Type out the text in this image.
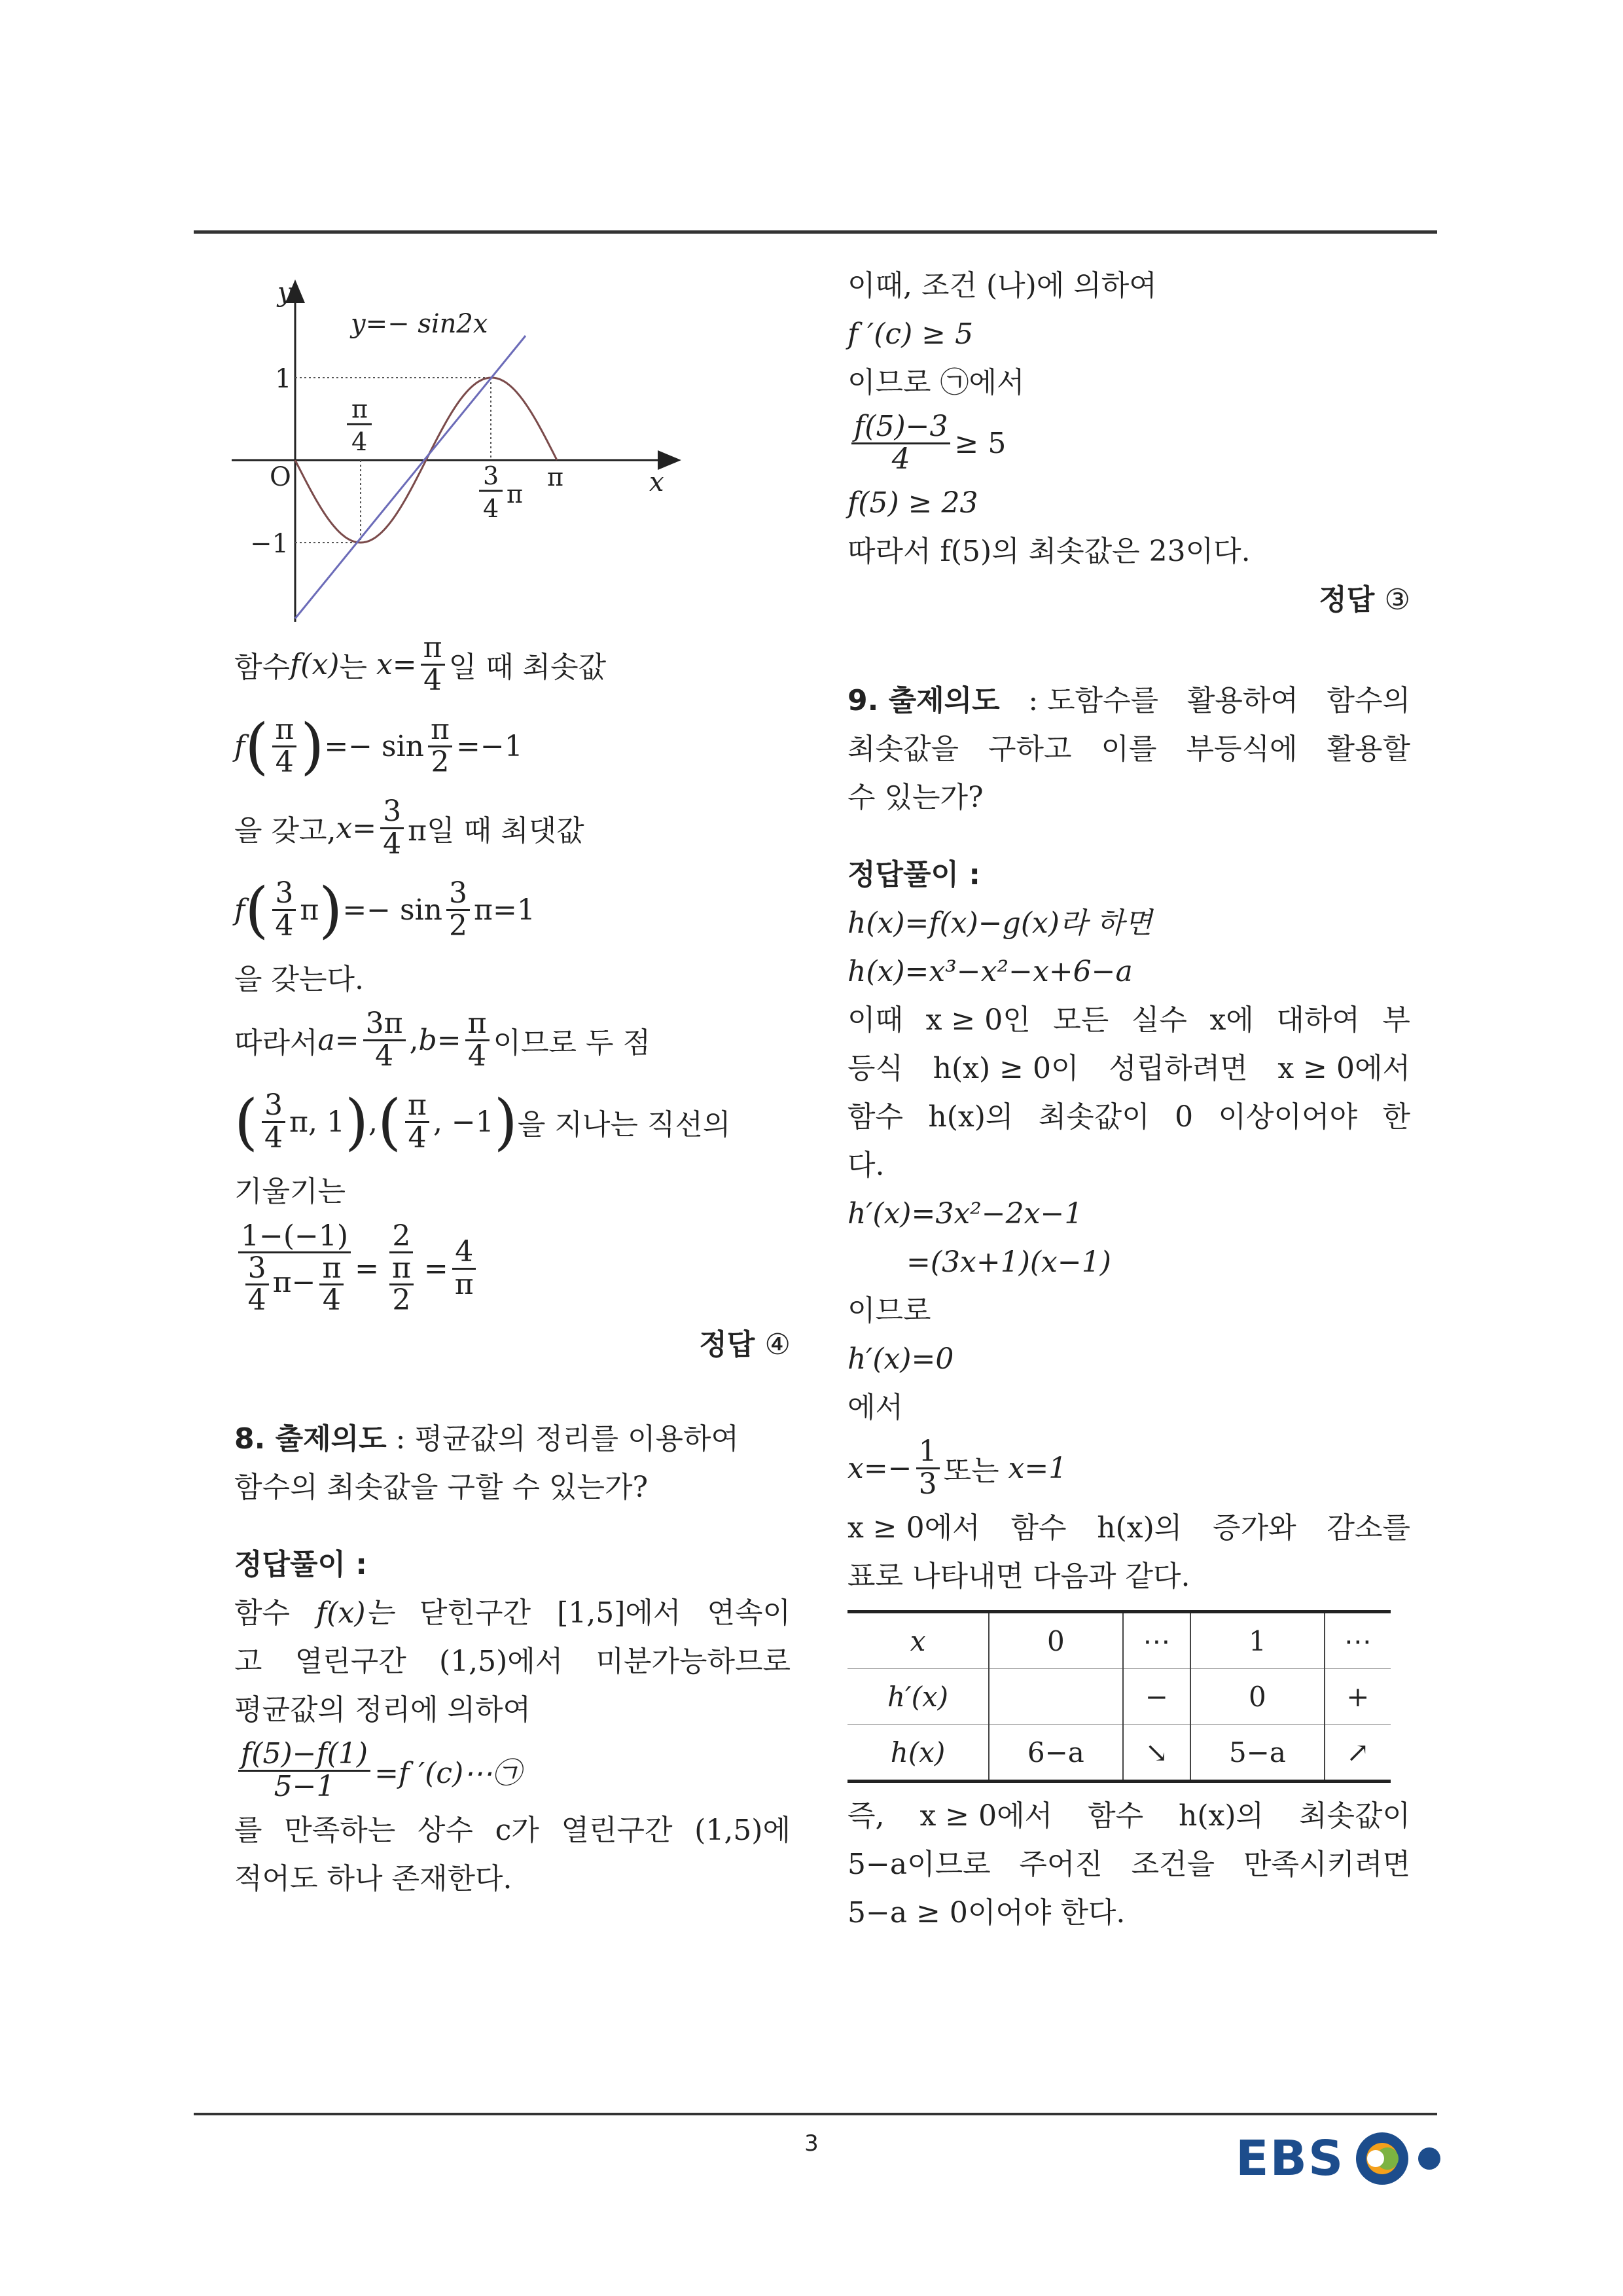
y
x
y=− sin2x
O
1
−1
π
4
3
4 π
π
함수 f(x) 는
$x= \frac{\pi}{4}$ 일 때 최솟값
f ( $\frac{\pi}{4}$ ) =− $\sin \frac{\pi}{2} =-1$
을 갖고, $x= \frac{3}{4}$ π일 때 최댓값
f ( $\frac{3}{4}$ π ) =− $\sin \frac{3}{2} \pi=1$
을 갖는다.
따라서 $a= \frac{3\pi}{4}$ , $b= \frac{\pi}{4}$ 이므로 두 점
( $\frac{3}{4} \pi$, 1 ) , ( $\frac{\pi}{4}$ , −1 ) 을 지나는 직선의
기울기는
$\frac{1-(-1)}{\frac{3}{4} \pi- \frac{\pi}{4}} = \frac{2}{\frac{\pi}{2}} = \frac{4}{\pi}$
정답 ④
8. 출제의도 : 평균값의 정리를 이용하여
함수의 최솟값을 구할 수 있는가?
정답풀이 :
함수 f(x)는 닫힌구간 [1,5]에서 연속이
고 열린구간 (1,5)에서 미분가능하므로
평균값의 정리에 의하여
$\frac{f(5)-f(1)}{5-1} =f$ ′(c)⋯㉠
를 만족하는 상수 c가 열린구간 (1,5)에
적어도 하나 존재한다.
이때, 조건 (나)에 의하여
f ′(c) ≥ 5
이므로 ㉠에서
$\frac{f(5)-3}{4} \ge 5$
f(5) ≥ 23
따라서 f(5)의 최솟값은 23이다.
정답 ③
9. 출제의도 : 도함수를 활용하여 함수의
최솟값을 구하고 이를 부등식에 활용할
수 있는가?
정답풀이 :
h(x)=f(x)−g(x)라 하면
h(x)=x³−x²−x+6−a
이때 x ≥ 0인 모든 실수 x에 대하여 부
등식 h(x) ≥ 0이 성립하려면 x ≥ 0에서
함수 h(x)의 최솟값이 0 이상이어야 한
다.
h′(x)=3x²−2x−1
=(3x+1)(x−1)
이므로
h′(x)=0
에서
$x=- \frac{1}{3}$ 또는
x=1
x ≥ 0에서 함수 h(x)의 증가와 감소를
표로 나타내면 다음과 같다.
x	0	⋯	1	⋯
h′(x)		−	0	+
h(x)	6−a	↘	5−a	↗
즉, x ≥ 0에서 함수 h(x)의 최솟값이
5−a이므로 주어진 조건을 만족시키려면
5−a ≥ 0이어야 한다.
3	EBS
